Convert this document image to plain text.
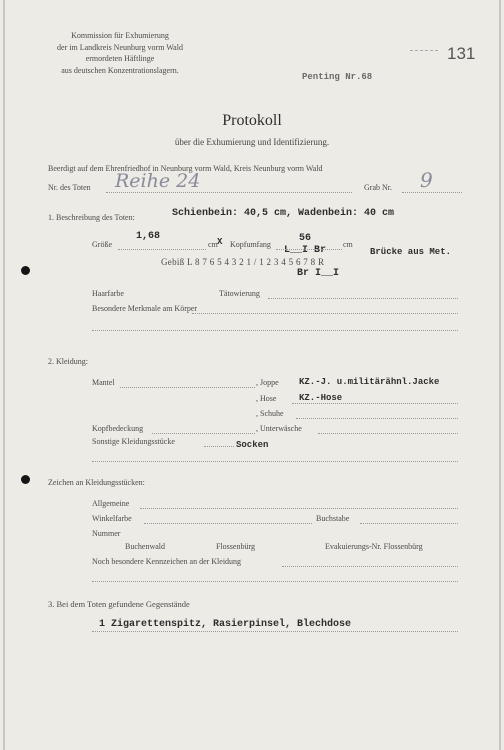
Kommission für Exhumierung
der im Landkreis Neunburg vorm Wald
ermordeten Häftlinge
aus deutschen Konzentrationslagern.
Penting Nr.68
131
Protokoll
über die Exhumierung und Identifizierung.
Beerdigt auf dem Ehrenfriedhof in Neunburg vorm Wald, Kreis Neunburg vorm Wald
Nr. des Toten Reihe 24	Grab Nr. 9
1. Beschreibung des Toten:	Schienbein: 40,5 cm, Wadenbein: 40 cm
Größe
1,68
cm X Kopfumfang
56
L__I Br
cm
Brücke aus Met.
Gebiß L 8 7 6 5 4 3 2 1 / 1 2 3 4 5 6 7 8 R
Br I__I
Haarfarbe	Tätowierung
Besondere Merkmale am Körper
2. Kleidung:
Mantel	, Joppe KZ.-J. u.militärähnl.Jacke
, Hose	KZ.-Hose
, Schuhe
Kopfbedeckung	, Unterwäsche
Sonstige Kleidungsstücke	Socken
Zeichen an Kleidungsstücken:
Allgemeine
Winkelfarbe	Buchstabe
Nummer
Buchenwald	Flossenbürg	Evakuierungs-Nr. Flossenbürg
Noch besondere Kennzeichen an der Kleidung
3. Bei dem Toten gefundene Gegenstände
1 Zigarettenspitz, Rasierpinsel, Blechdose
